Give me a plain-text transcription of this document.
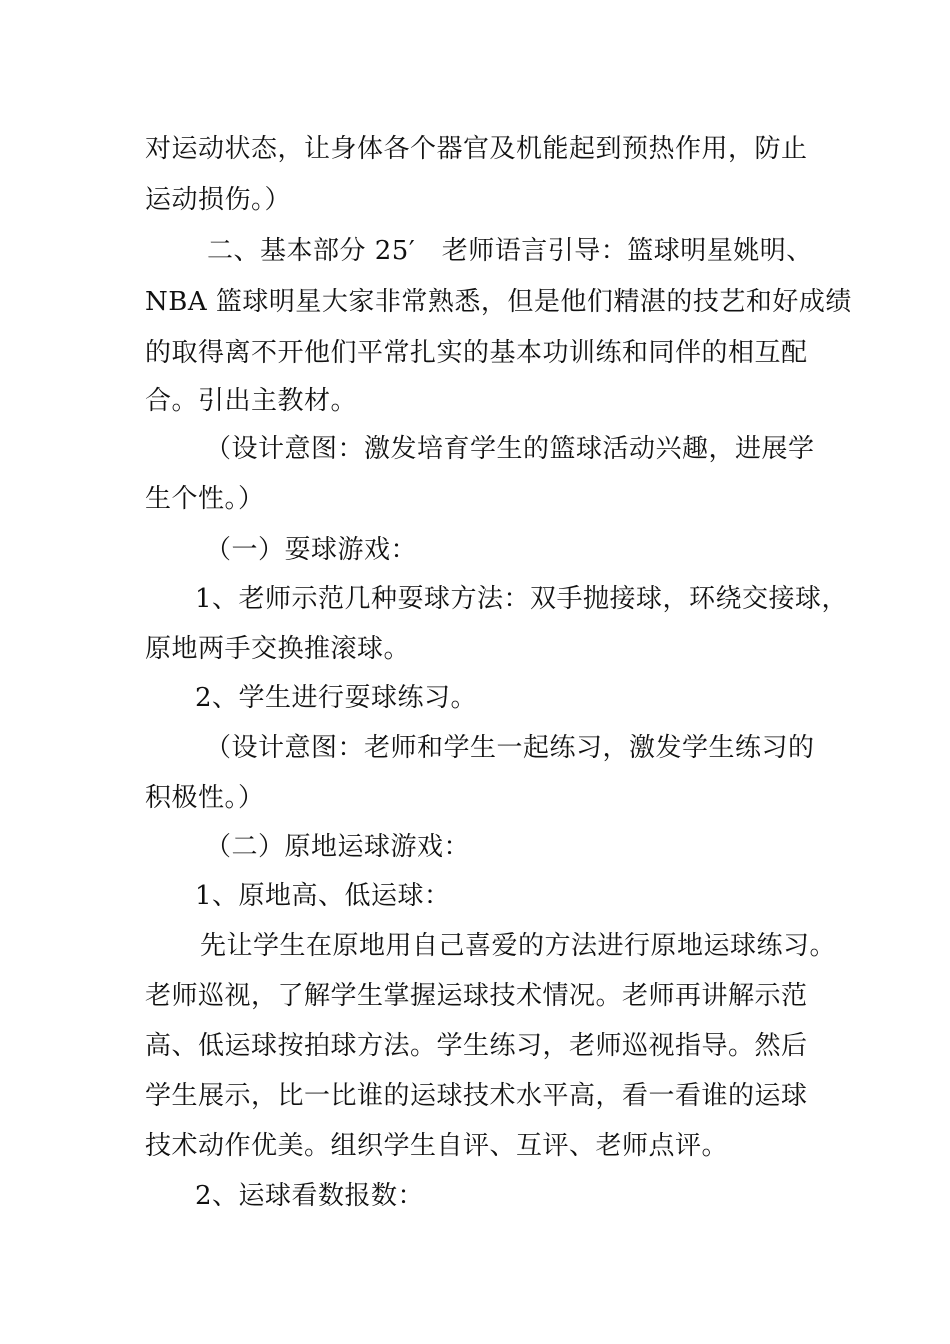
对运动状态，让身体各个器官及机能起到预热作用，防止
运动损伤。）
二、基本部分 25′　老师语言引导：篮球明星姚明、
NBA 篮球明星大家非常熟悉，但是他们精湛的技艺和好成绩
的取得离不开他们平常扎实的基本功训练和同伴的相互配
合。引出主教材。
（设计意图：激发培育学生的篮球活动兴趣，进展学
生个性。）
（一）耍球游戏：
1、老师示范几种耍球方法：双手抛接球，环绕交接球，
原地两手交换推滚球。
2、学生进行耍球练习。
（设计意图：老师和学生一起练习，激发学生练习的
积极性。）
（二）原地运球游戏：
1、原地高、低运球：
先让学生在原地用自己喜爱的方法进行原地运球练习。
老师巡视，了解学生掌握运球技术情况。老师再讲解示范
高、低运球按拍球方法。学生练习，老师巡视指导。然后
学生展示，比一比谁的运球技术水平高，看一看谁的运球
技术动作优美。组织学生自评、互评、老师点评。
2、运球看数报数：
